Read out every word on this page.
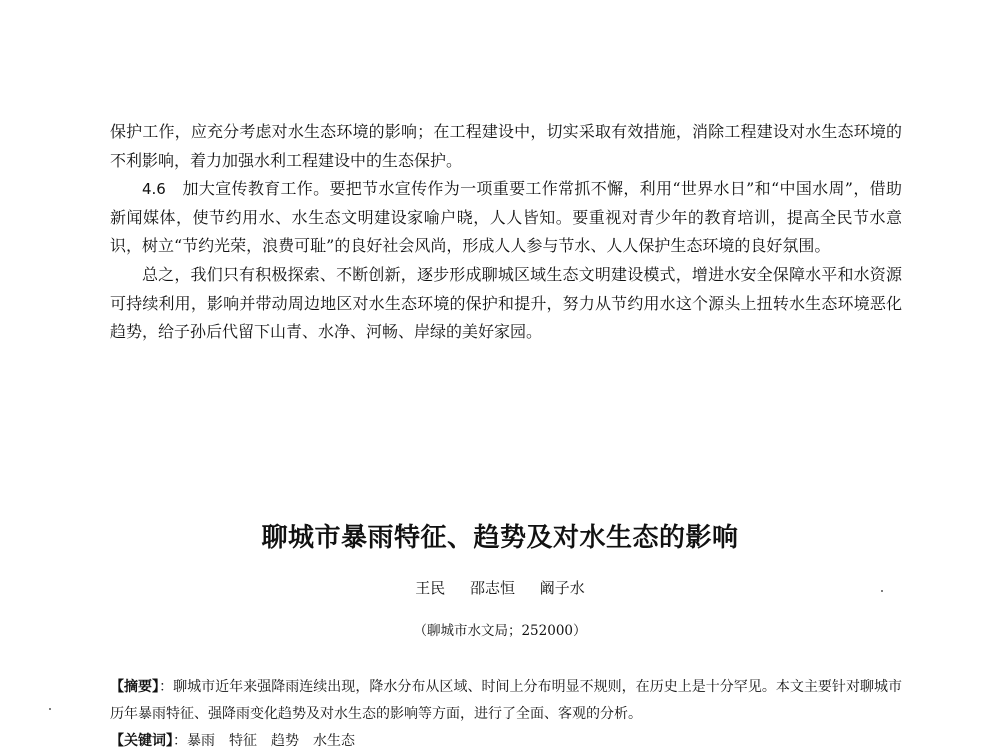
保护工作，应充分考虑对水生态环境的影响；在工程建设中，切实采取有效措施，消除工程建设对水生态环境的不利影响，着力加强水利工程建设中的生态保护。

4.6　 加大宣传教育工作。要把节水宣传作为一项重要工作常抓不懈，利用“世界水日”和“中国水周”，借助新闻媒体，使节约用水、水生态文明建设家喻户晓，人人皆知。要重视对青少年的教育培训，提高全民节水意识，树立“节约光荣，浪费可耻”的良好社会风尚，形成人人参与节水、人人保护生态环境的良好氛围。

总之，我们只有积极探索、不断创新，逐步形成聊城区域生态文明建设模式，增进水安全保障水平和水资源可持续利用，影响并带动周边地区对水生态环境的保护和提升，努力从节约用水这个源头上扭转水生态环境恶化趋势，给子孙后代留下山青、水净、河畅、岸绿的美好家园。

聊城市暴雨特征、趋势及对水生态的影响

王民 邵志恒 阚子水

（聊城市水文局；252000）

【摘要】：聊城市近年来强降雨连续出现，降水分布从区域、时间上分布明显不规则，在历史上是十分罕见。本文主要针对聊城市历年暴雨特征、强降雨变化趋势及对水生态的影响等方面，进行了全面、客观的分析。

【关键词】：暴雨　特征　趋势　水生态
